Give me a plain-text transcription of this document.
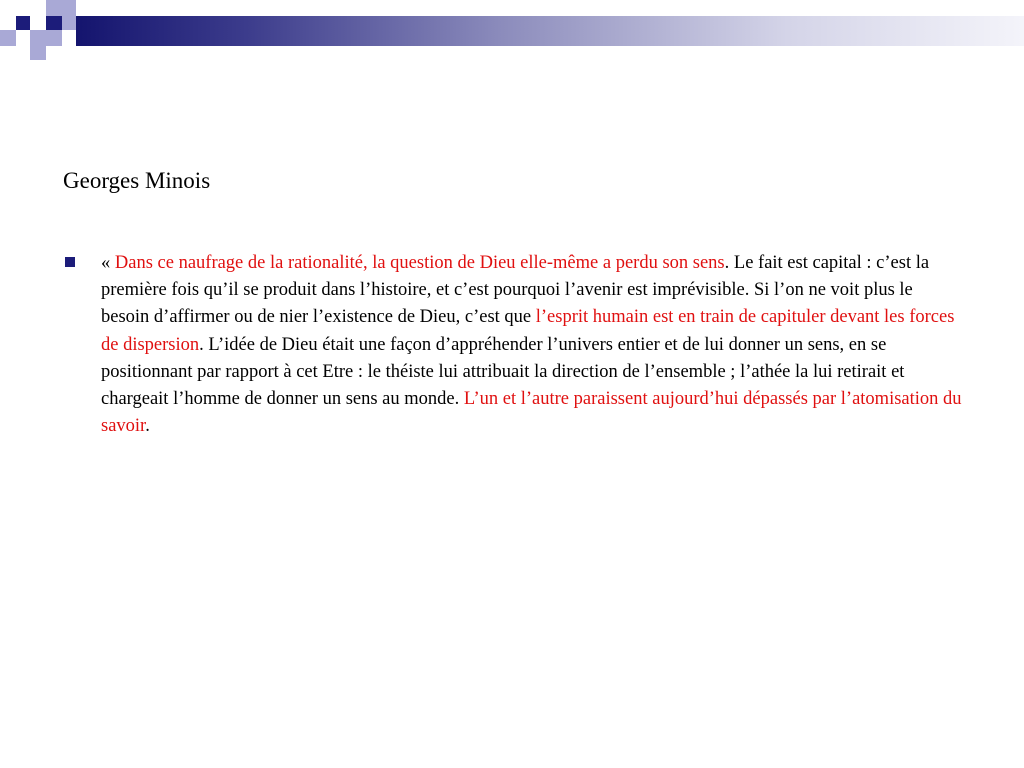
Georges Minois
« Dans ce naufrage de la rationalité, la question de Dieu elle-même a perdu son sens. Le fait est capital : c’est la première fois qu’il se produit dans l’histoire, et c’est pourquoi l’avenir est imprévisible. Si l’on ne voit plus le besoin d’affirmer ou de nier l’existence de Dieu, c’est que l’esprit humain est en train de capituler devant les forces de dispersion. L’idée de Dieu était une façon d’appréhender l’univers entier et de lui donner un sens, en se positionnant par rapport à cet Etre : le théiste lui attribuait la direction de l’ensemble ; l’athée la lui retirait et chargeait l’homme de donner un sens au monde. L’un et l’autre paraissent aujourd’hui dépassés par l’atomisation du savoir.
